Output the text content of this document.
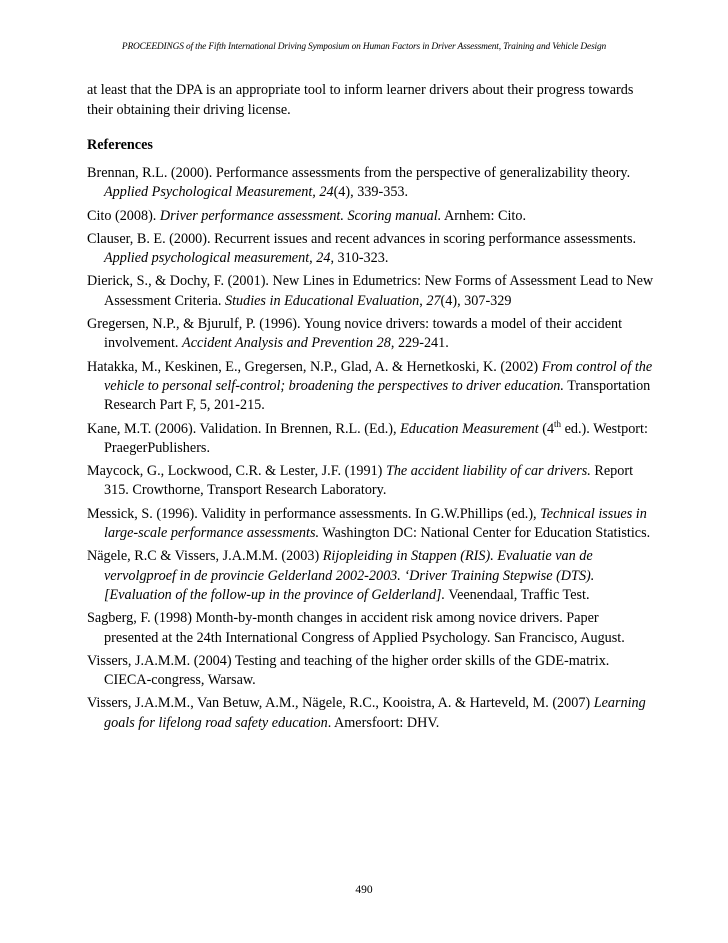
PROCEEDINGS of the Fifth International Driving Symposium on Human Factors in Driver Assessment, Training and Vehicle Design

at least that the DPA is an appropriate tool to inform learner drivers about their progress towards their obtaining their driving license.

References

Brennan, R.L. (2000). Performance assessments from the perspective of generalizability theory. Applied Psychological Measurement, 24(4), 339-353.

Cito (2008). Driver performance assessment. Scoring manual. Arnhem: Cito.

Clauser, B. E. (2000). Recurrent issues and recent advances in scoring performance assessments. Applied psychological measurement, 24, 310-323.

Dierick, S., & Dochy, F. (2001). New Lines in Edumetrics: New Forms of Assessment Lead to New Assessment Criteria. Studies in Educational Evaluation, 27(4), 307-329

Gregersen, N.P., & Bjurulf, P. (1996). Young novice drivers: towards a model of their accident involvement. Accident Analysis and Prevention 28, 229-241.

Hatakka, M., Keskinen, E., Gregersen, N.P., Glad, A. & Hernetkoski, K. (2002) From control of the vehicle to personal self-control; broadening the perspectives to driver education. Transportation Research Part F, 5, 201-215.

Kane, M.T. (2006). Validation. In Brennen, R.L. (Ed.), Education Measurement (4th ed.). Westport: PraegerPublishers.

Maycock, G., Lockwood, C.R. & Lester, J.F. (1991) The accident liability of car drivers. Report 315. Crowthorne, Transport Research Laboratory.

Messick, S. (1996). Validity in performance assessments. In G.W.Phillips (ed.), Technical issues in large-scale performance assessments. Washington DC: National Center for Education Statistics.

Nägele, R.C & Vissers, J.A.M.M. (2003) Rijopleiding in Stappen (RIS). Evaluatie van de vervolgproef in de provincie Gelderland 2002-2003. ‘Driver Training Stepwise (DTS). [Evaluation of the follow-up in the province of Gelderland]. Veenendaal, Traffic Test.

Sagberg, F. (1998) Month-by-month changes in accident risk among novice drivers. Paper presented at the 24th International Congress of Applied Psychology. San Francisco, August.

Vissers, J.A.M.M. (2004) Testing and teaching of the higher order skills of the GDE-matrix. CIECA-congress, Warsaw.

Vissers, J.A.M.M., Van Betuw, A.M., Nägele, R.C., Kooistra, A. & Harteveld, M. (2007) Learning goals for lifelong road safety education. Amersfoort: DHV.

490
